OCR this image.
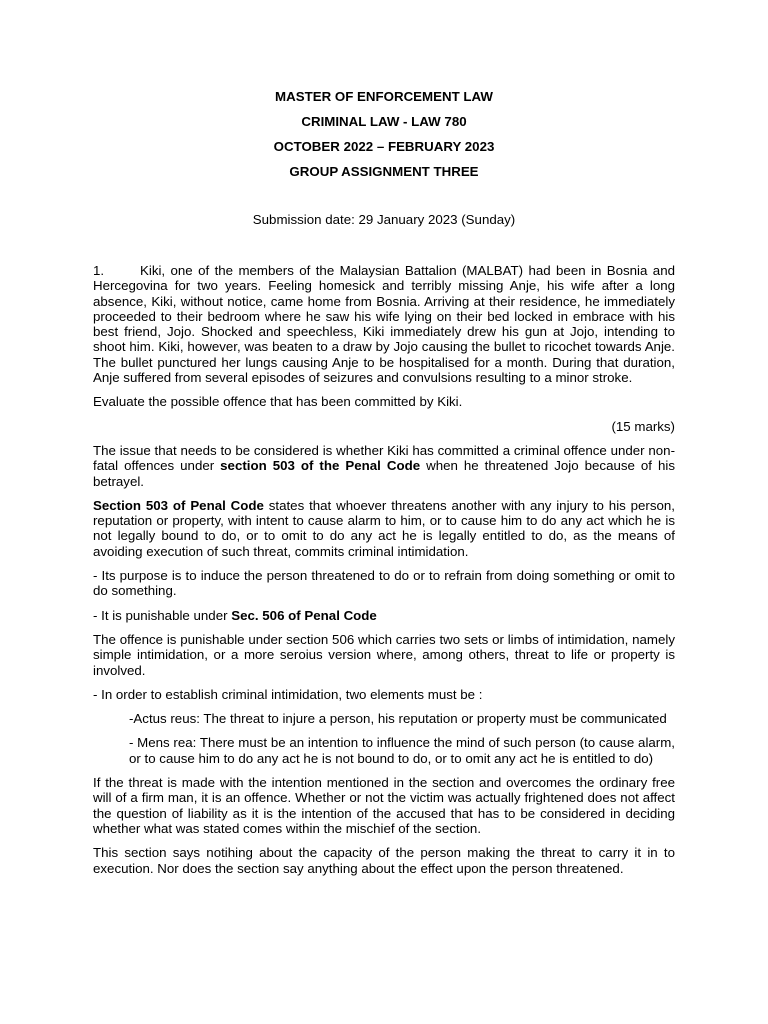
MASTER OF ENFORCEMENT LAW

CRIMINAL LAW - LAW 780

OCTOBER 2022 – FEBRUARY 2023

GROUP ASSIGNMENT THREE

Submission date: 29 January 2023 (Sunday)

1.	Kiki, one of the members of the Malaysian Battalion (MALBAT) had been in Bosnia and Hercegovina for two years. Feeling homesick and terribly missing Anje, his wife after a long absence, Kiki, without notice, came home from Bosnia. Arriving at their residence, he immediately proceeded to their bedroom where he saw his wife lying on their bed locked in embrace with his best friend, Jojo. Shocked and speechless, Kiki immediately drew his gun at Jojo, intending to shoot him. Kiki, however, was beaten to a draw by Jojo causing the bullet to ricochet towards Anje. The bullet punctured her lungs causing Anje to be hospitalised for a month. During that duration, Anje suffered from several episodes of seizures and convulsions resulting to a minor stroke.

Evaluate the possible offence that has been committed by Kiki.

(15 marks)

The issue that needs to be considered is whether Kiki has committed a criminal offence under non-fatal offences under section 503 of the Penal Code when he threatened Jojo because of his betrayel.

Section 503 of Penal Code states that whoever threatens another with any injury to his person, reputation or property, with intent to cause alarm to him, or to cause him to do any act which he is not legally bound to do, or to omit to do any act he is legally entitled to do, as the means of avoiding execution of such threat, commits criminal intimidation.

- Its purpose is to induce the person threatened to do or to refrain from doing something or omit to do something.

- It is punishable under Sec. 506 of Penal Code

The offence is punishable under section 506 which carries two sets or limbs of intimidation, namely simple intimidation, or a more seroius version where, among others, threat to life or property is involved.

- In order to establish criminal intimidation, two elements must be :

-Actus reus: The threat to injure a person, his reputation or property must be communicated

- Mens rea: There must be an intention to influence the mind of such person (to cause alarm, or to cause him to do any act he is not bound to do, or to omit any act he is entitled to do)

If the threat is made with the intention mentioned in the section and overcomes the ordinary free will of a firm man, it is an offence. Whether or not the victim was actually frightened does not affect the question of liability as it is the intention of the accused that has to be considered in deciding whether what was stated comes within the mischief of the section.

This section says notihing about the capacity of the person making the threat to carry it in to execution. Nor does the section say anything about the effect upon the person threatened.
